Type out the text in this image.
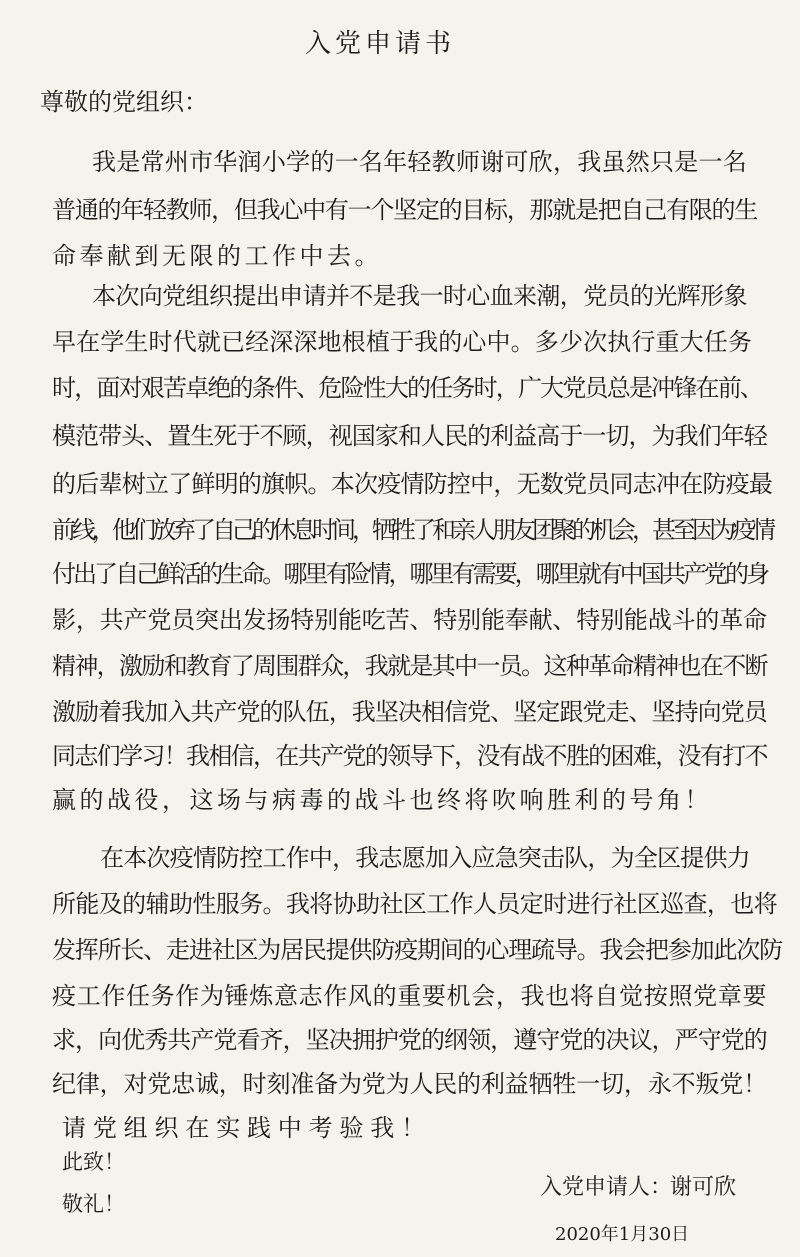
入党申请书
尊敬的党组织：
我是常州市华润小学的一名年轻教师谢可欣，我虽然只是一名
普通的年轻教师，但我心中有一个坚定的目标，那就是把自己有限的生
命奉献到无限的工作中去。
本次向党组织提出申请并不是我一时心血来潮，党员的光辉形象
早在学生时代就已经深深地根植于我的心中。多少次执行重大任务
时，面对艰苦卓绝的条件、危险性大的任务时，广大党员总是冲锋在前、
模范带头、置生死于不顾，视国家和人民的利益高于一切，为我们年轻
的后辈树立了鲜明的旗帜。本次疫情防控中，无数党员同志冲在防疫最
前线，他们放弃了自己的休息时间，牺牲了和亲人朋友团聚的机会，甚至因为疫情
付出了自己鲜活的生命。哪里有险情，哪里有需要，哪里就有中国共产党的身
影，共产党员突出发扬特别能吃苦、特别能奉献、特别能战斗的革命
精神，激励和教育了周围群众，我就是其中一员。这种革命精神也在不断
激励着我加入共产党的队伍，我坚决相信党、坚定跟党走、坚持向党员
同志们学习！我相信，在共产党的领导下，没有战不胜的困难，没有打不
赢的战役，这场与病毒的战斗也终将吹响胜利的号角！
在本次疫情防控工作中，我志愿加入应急突击队，为全区提供力
所能及的辅助性服务。我将协助社区工作人员定时进行社区巡查，也将
发挥所长、走进社区为居民提供防疫期间的心理疏导。我会把参加此次防
疫工作任务作为锤炼意志作风的重要机会，我也将自觉按照党章要
求，向优秀共产党看齐，坚决拥护党的纲领，遵守党的决议，严守党的
纪律，对党忠诚，时刻准备为党为人民的利益牺牲一切，永不叛党！
请党组织在实践中考验我！
此致！
敬礼！
入党申请人：
谢可欣
2020年1月30日
